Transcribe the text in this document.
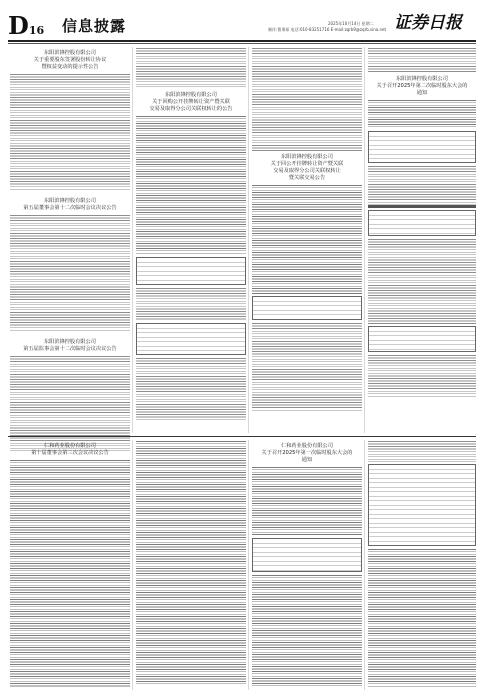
D16 信息披露	2025年10月14日 星期二
制作:曹秉琛 电话:010-83251716 E-mail:zqrb9@zqrb.sina.net 证券日报
东阳滨锋控股有限公司
关于重要股东签署股份转让协议
暨权益变动的提示性公告
东阳滨锋控股有限公司
第五届董事会第十二次临时会议决议公告
东阳滨锋控股有限公司
第五届监事会第十二次临时会议决议公告
东阳滨锋控股有限公司
关于回购公开挂牌转让资产暨关联
交易及取得分公司关联权转让的公告
东阳滨锋控股有限公司
关于回公开挂牌转让资产暨关联
交易及取得分公司关联权转让
暨关联交易公告
东阳滨锋控股有限公司
关于召开2025年第二次临时股东大会的
通知
仁和药业股份有限公司
第十届董事会第三次会议决议公告
仁和药业股份有限公司
关于召开2025年第一次临时股东大会的
通知
